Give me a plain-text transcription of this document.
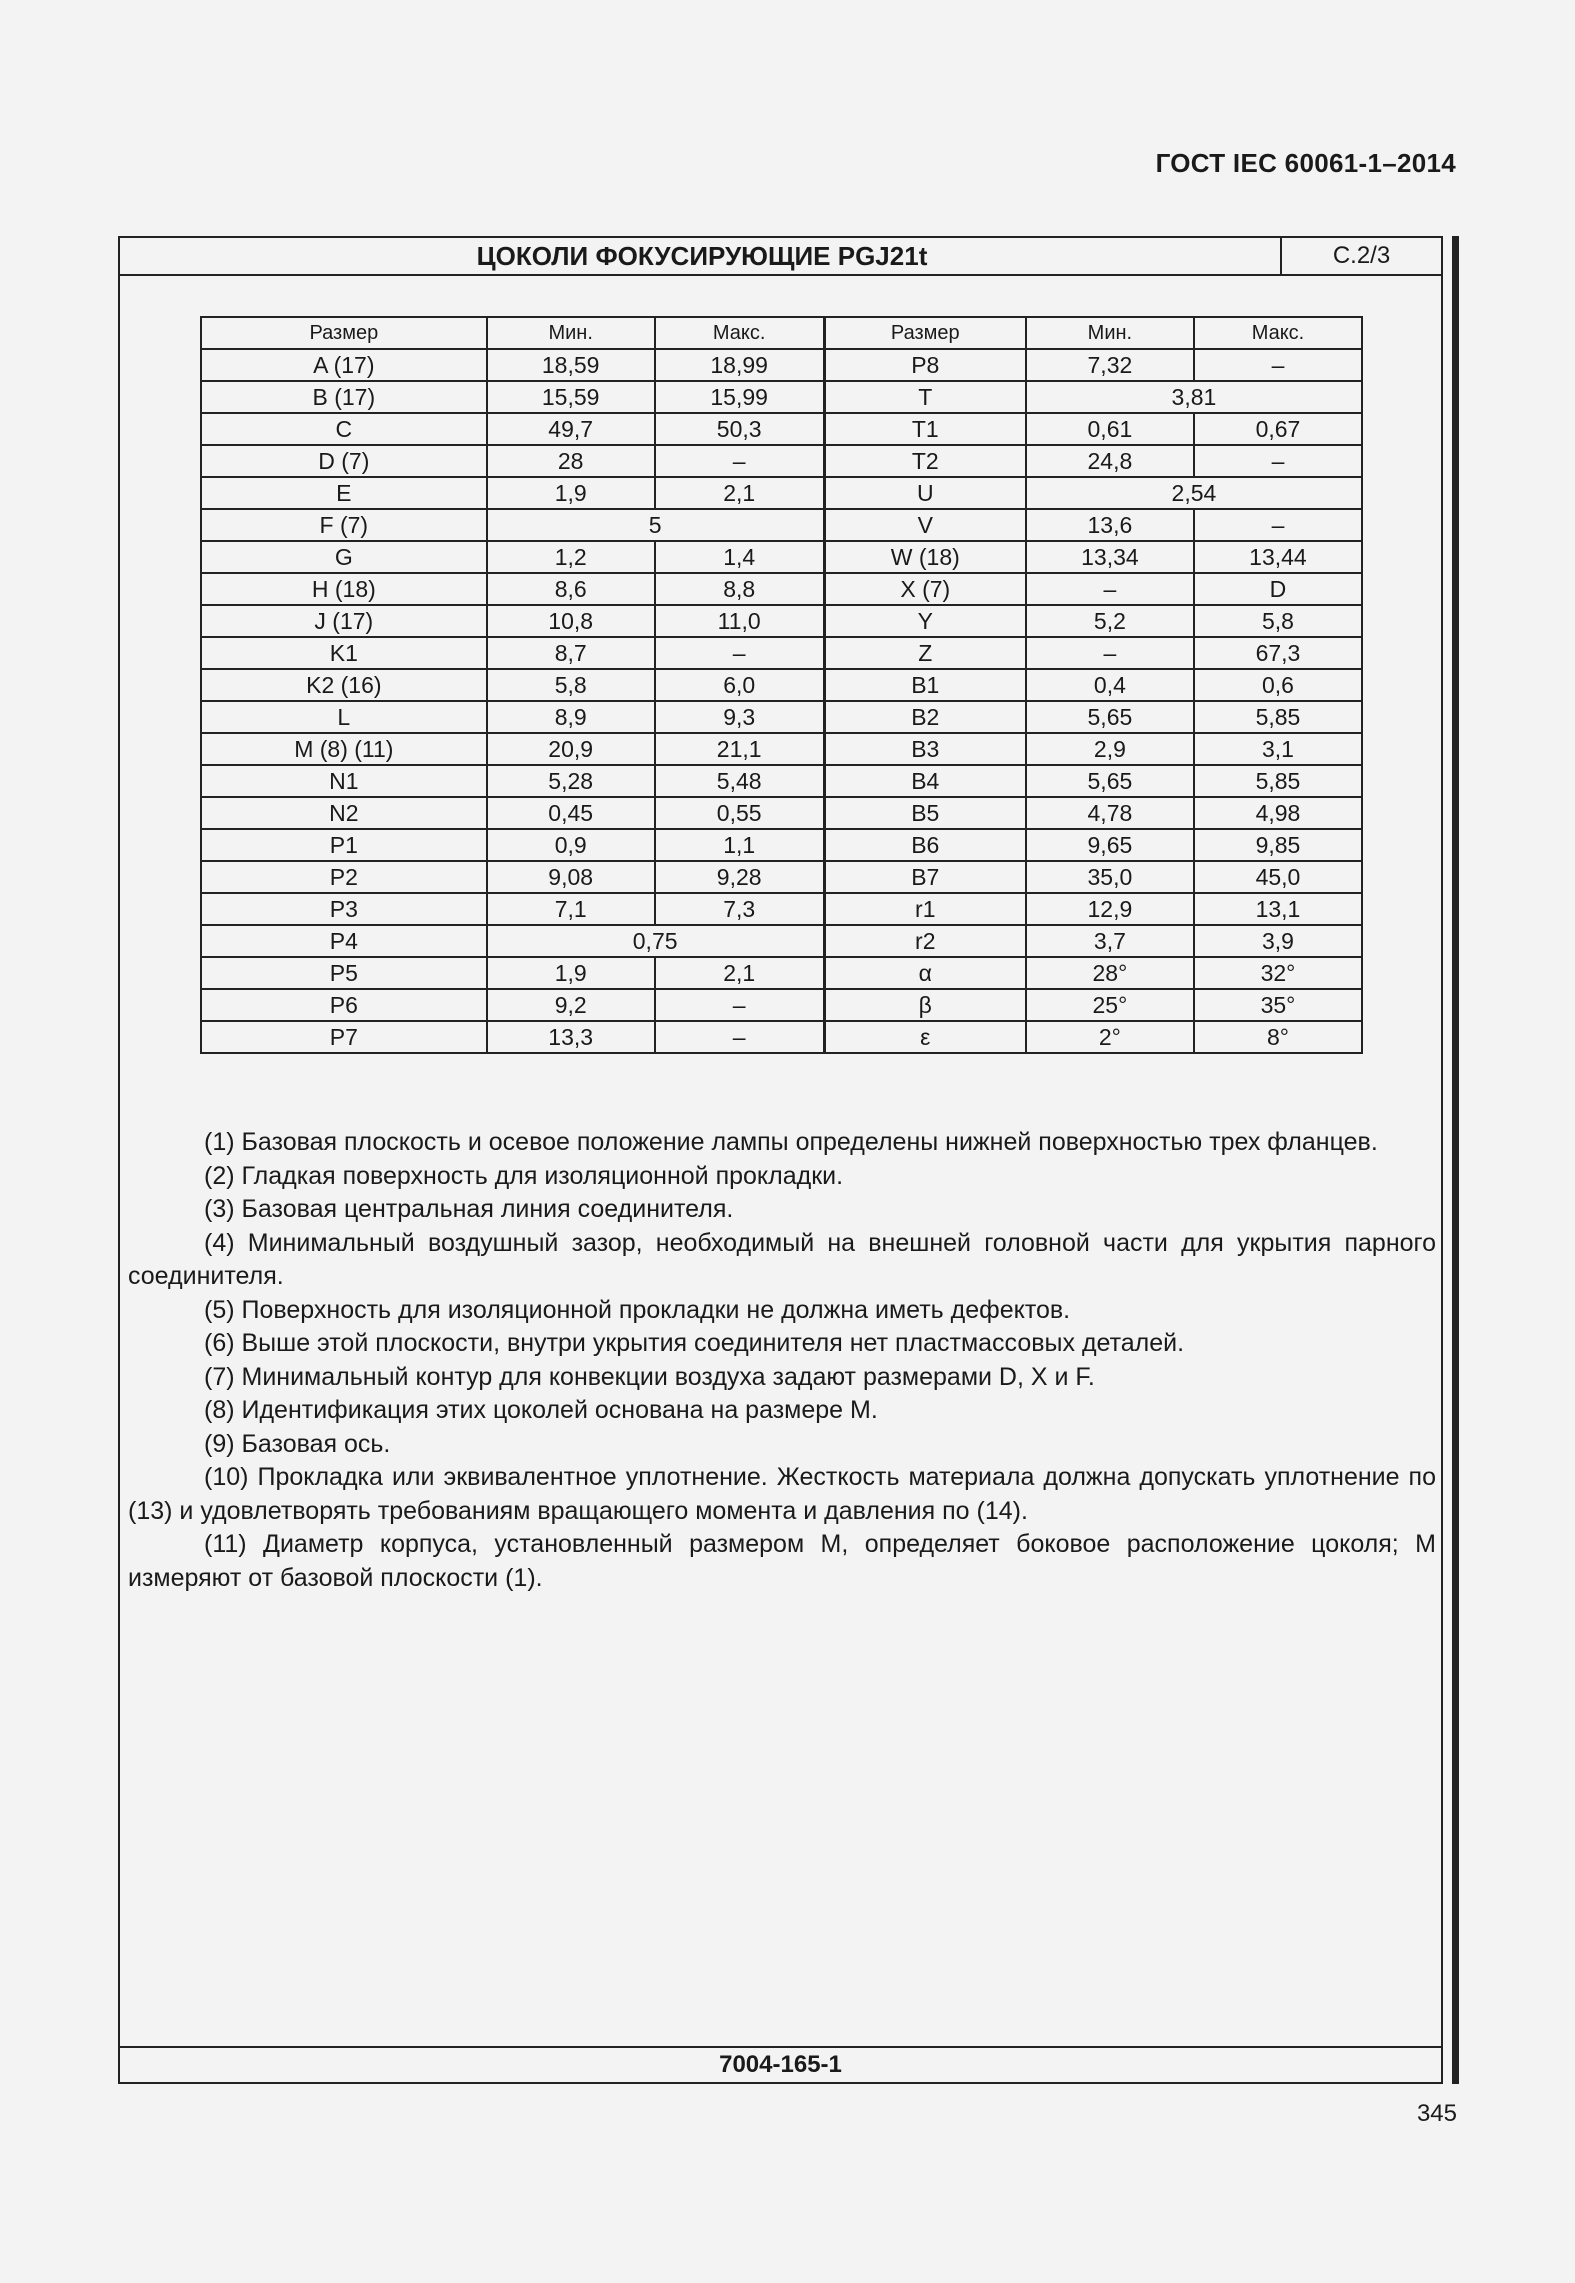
ГОСТ IEC 60061-1–2014
ЦОКОЛИ ФОКУСИРУЮЩИЕ PGJ21t	C.2/3
Размер	Мин.	Макс.	Размер	Мин.	Макс.
A (17)	18,59	18,99	P8	7,32	–
B (17)	15,59	15,99	T	3,81	
C	49,7	50,3	T1	0,61	0,67
D (7)	28	–	T2	24,8	–
E	1,9	2,1	U	2,54	
F (7)	5		V	13,6	–
G	1,2	1,4	W (18)	13,34	13,44
H (18)	8,6	8,8	X (7)	–	D
J (17)	10,8	11,0	Y	5,2	5,8
K1	8,7	–	Z	–	67,3
K2 (16)	5,8	6,0	B1	0,4	0,6
L	8,9	9,3	B2	5,65	5,85
M (8) (11)	20,9	21,1	B3	2,9	3,1
N1	5,28	5,48	B4	5,65	5,85
N2	0,45	0,55	B5	4,78	4,98
P1	0,9	1,1	B6	9,65	9,85
P2	9,08	9,28	B7	35,0	45,0
P3	7,1	7,3	r1	12,9	13,1
P4	0,75		r2	3,7	3,9
P5	1,9	2,1	α	28°	32°
P6	9,2	–	β	25°	35°
P7	13,3	–	ε	2°	8°

(1) Базовая плоскость и осевое положение лампы определены нижней поверхностью трех фланцев.

(2) Гладкая поверхность для изоляционной прокладки.

(3) Базовая центральная линия соединителя.

(4) Минимальный воздушный зазор, необходимый на внешней головной части для укрытия парного соединителя.

(5) Поверхность для изоляционной прокладки не должна иметь дефектов.

(6) Выше этой плоскости, внутри укрытия соединителя нет пластмассовых деталей.

(7) Минимальный контур для конвекции воздуха задают размерами D, X и F.

(8) Идентификация этих цоколей основана на размере М.

(9) Базовая ось.

(10) Прокладка или эквивалентное уплотнение. Жесткость материала должна допускать уплотнение по (13) и удовлетворять требованиям вращающего момента и давления по (14).

(11) Диаметр корпуса, установленный размером М, определяет боковое расположение цоколя; М измеряют от базовой плоскости (1).

7004-165-1
345
